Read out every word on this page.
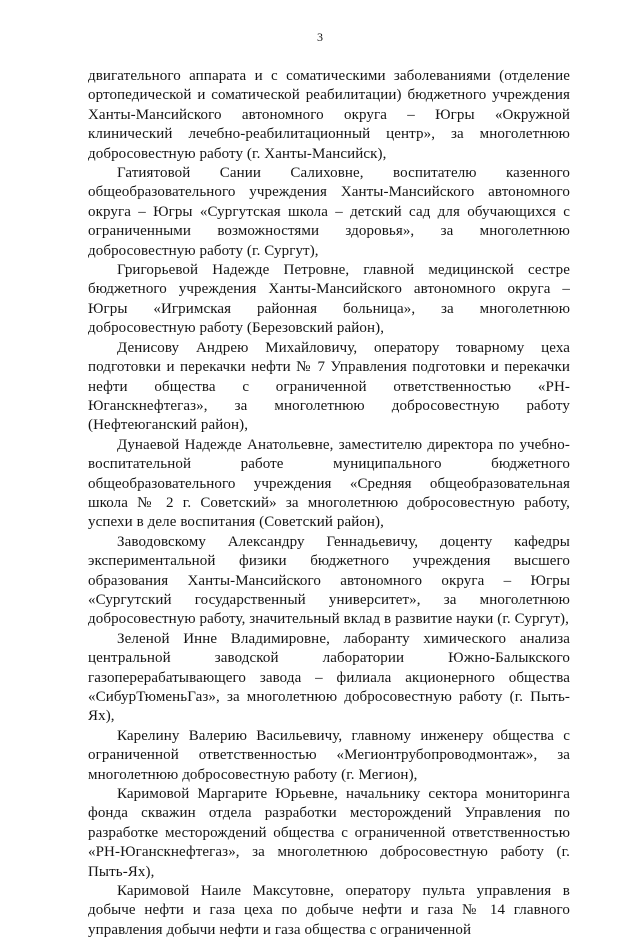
3

двигательного аппарата и с соматическими заболеваниями (отделение ортопедической и соматической реабилитации) бюджетного учреждения Ханты-Мансийского автономного округа – Югры «Окружной клинический лечебно-реабилитационный центр», за многолетнюю добросовестную работу (г. Ханты-Мансийск),

Гатиятовой Сании Салиховне, воспитателю казенного общеобразовательного учреждения Ханты-Мансийского автономного округа – Югры «Сургутская школа – детский сад для обучающихся с ограниченными возможностями здоровья», за многолетнюю добросовестную работу (г. Сургут),

Григорьевой Надежде Петровне, главной медицинской сестре бюджетного учреждения Ханты-Мансийского автономного округа – Югры «Игримская районная больница», за многолетнюю добросовестную работу (Березовский район),

Денисову Андрею Михайловичу, оператору товарному цеха подготовки и перекачки нефти № 7 Управления подготовки и перекачки нефти общества с ограниченной ответственностью «РН-Юганскнефтегаз», за многолетнюю добросовестную работу (Нефтеюганский район),

Дунаевой Надежде Анатольевне, заместителю директора по учебно-воспитательной работе муниципального бюджетного общеобразовательного учреждения «Средняя общеобразовательная школа № 2 г. Советский» за многолетнюю добросовестную работу, успехи в деле воспитания (Советский район),

Заводовскому Александру Геннадьевичу, доценту кафедры экспериментальной физики бюджетного учреждения высшего образования Ханты-Мансийского автономного округа – Югры «Сургутский государственный университет», за многолетнюю добросовестную работу, значительный вклад в развитие науки (г. Сургут),

Зеленой Инне Владимировне, лаборанту химического анализа центральной заводской лаборатории Южно-Балыкского газоперерабатывающего завода – филиала акционерного общества «СибурТюменьГаз», за многолетнюю добросовестную работу (г. Пыть-Ях),

Карелину Валерию Васильевичу, главному инженеру общества с ограниченной ответственностью «Мегионтрубопроводмонтаж», за многолетнюю добросовестную работу (г. Мегион),

Каримовой Маргарите Юрьевне, начальнику сектора мониторинга фонда скважин отдела разработки месторождений Управления по разработке месторождений общества с ограниченной ответственностью «РН-Юганскнефтегаз», за многолетнюю добросовестную работу (г. Пыть-Ях),

Каримовой Наиле Максутовне, оператору пульта управления в добыче нефти и газа цеха по добыче нефти и газа № 14 главного управления добычи нефти и газа общества с ограниченной
